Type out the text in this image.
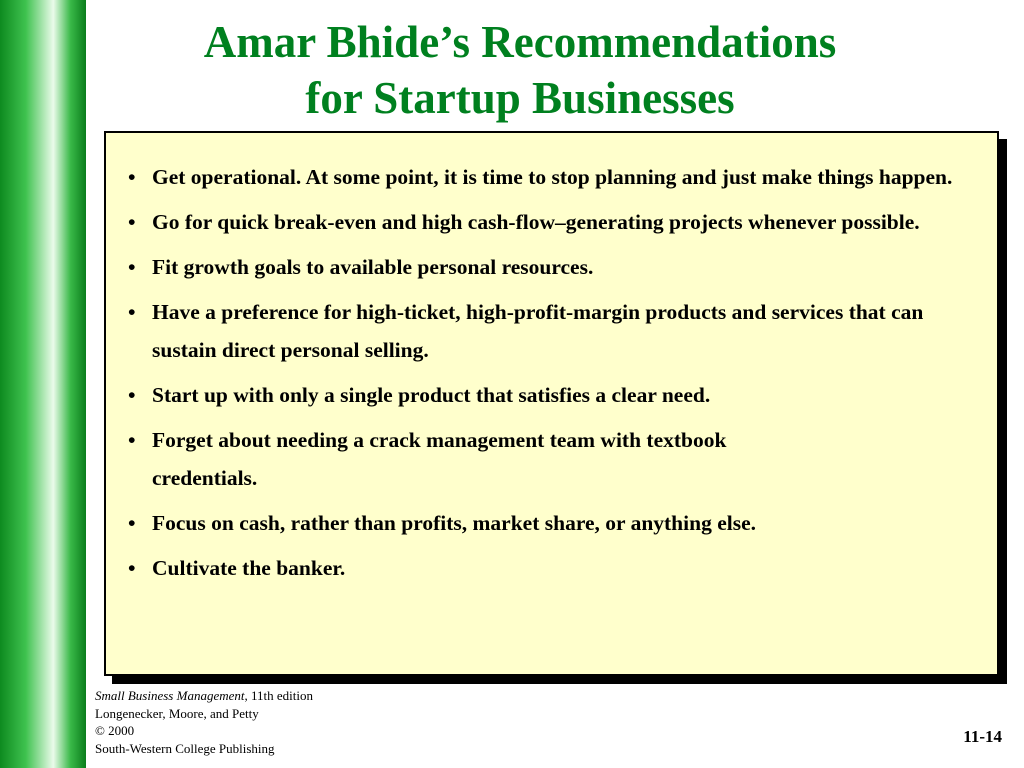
Amar Bhide’s Recommendations
for Startup Businesses
• Get operational. At some point, it is time to stop planning and just make things happen.
• Go for quick break-even and high cash-flow–generating projects whenever possible.
• Fit growth goals to available personal resources.
• Have a preference for high-ticket, high-profit-margin products and services that can sustain direct personal selling.
• Start up with only a single product that satisfies a clear need.
• Forget about needing a crack management team with textbook credentials.
• Focus on cash, rather than profits, market share, or anything else.
• Cultivate the banker.
Small Business Management, 11th edition
Longenecker, Moore, and Petty
© 2000
South-Western College Publishing
11-14
